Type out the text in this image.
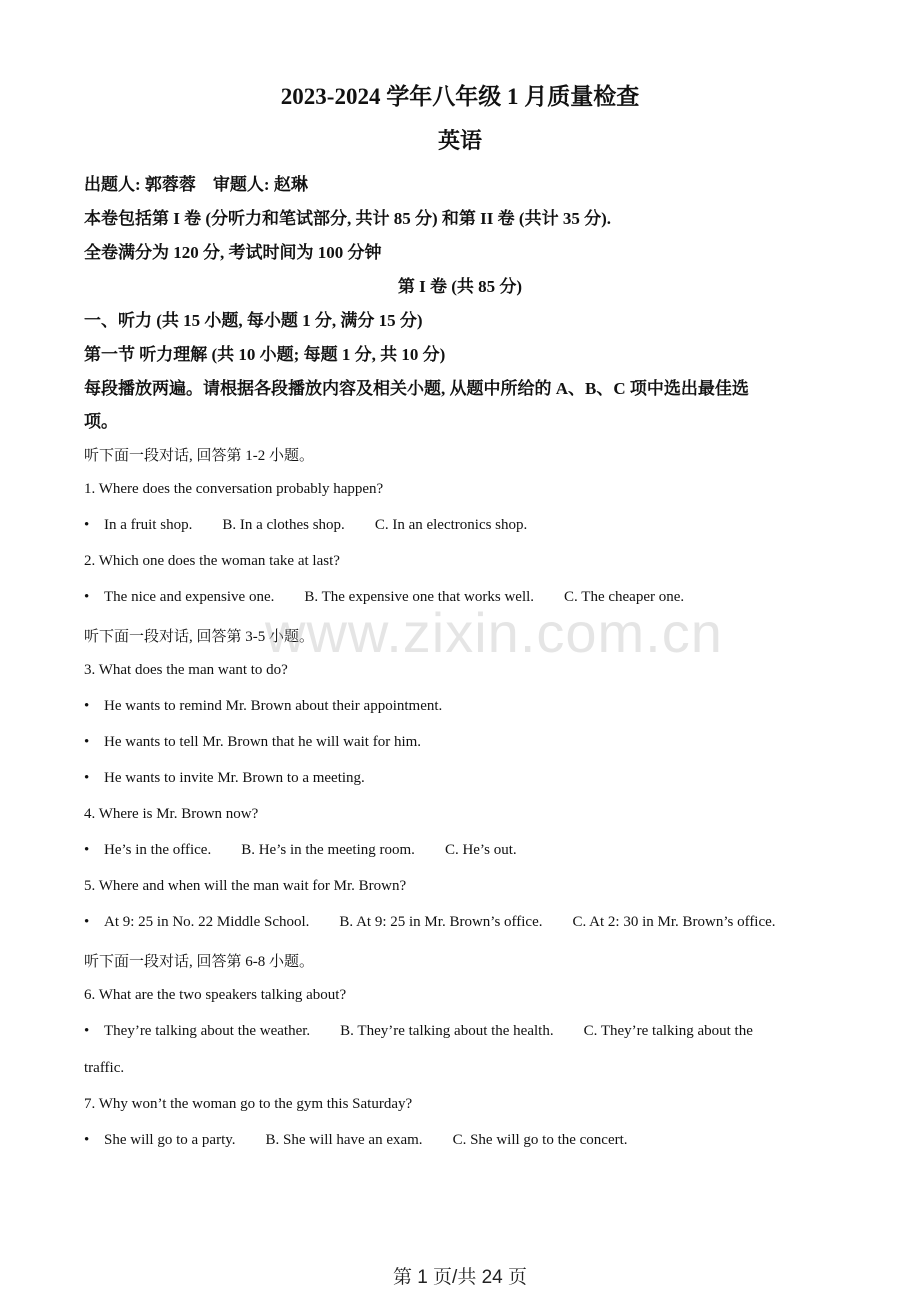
2023-2024 学年八年级 1 月质量检查
英语
出题人: 郭蓉蓉　审题人: 赵琳
本卷包括第 I 卷 (分听力和笔试部分, 共计 85 分) 和第 II 卷 (共计 35 分).
全卷满分为 120 分, 考试时间为 100 分钟
第 I 卷 (共 85 分)
一、听力 (共 15 小题, 每小题 1 分, 满分 15 分)
第一节 听力理解 (共 10 小题; 每题 1 分, 共 10 分)
每段播放两遍。请根据各段播放内容及相关小题, 从题中所给的 A、B、C 项中选出最佳选
项。
听下面一段对话, 回答第 1-2 小题。
1. Where does the conversation probably happen?
• In a fruit shop. B. In a clothes shop. C. In an electronics shop.
2. Which one does the woman take at last?
• The nice and expensive one. B. The expensive one that works well. C. The cheaper one.
听下面一段对话, 回答第 3-5 小题。
3. What does the man want to do?
• He wants to remind Mr. Brown about their appointment.
• He wants to tell Mr. Brown that he will wait for him.
• He wants to invite Mr. Brown to a meeting.
4. Where is Mr. Brown now?
• He’s in the office. B. He’s in the meeting room. C. He’s out.
5. Where and when will the man wait for Mr. Brown?
• At 9: 25 in No. 22 Middle School. B. At 9: 25 in Mr. Brown’s office. C. At 2: 30 in Mr. Brown’s office.
听下面一段对话, 回答第 6-8 小题。
6. What are the two speakers talking about?
• They’re talking about the weather. B. They’re talking about the health. C. They’re talking about the
traffic.
7. Why won’t the woman go to the gym this Saturday?
• She will go to a party. B. She will have an exam. C. She will go to the concert.
www.zixin.com.cn
第 1 页/共 24 页
